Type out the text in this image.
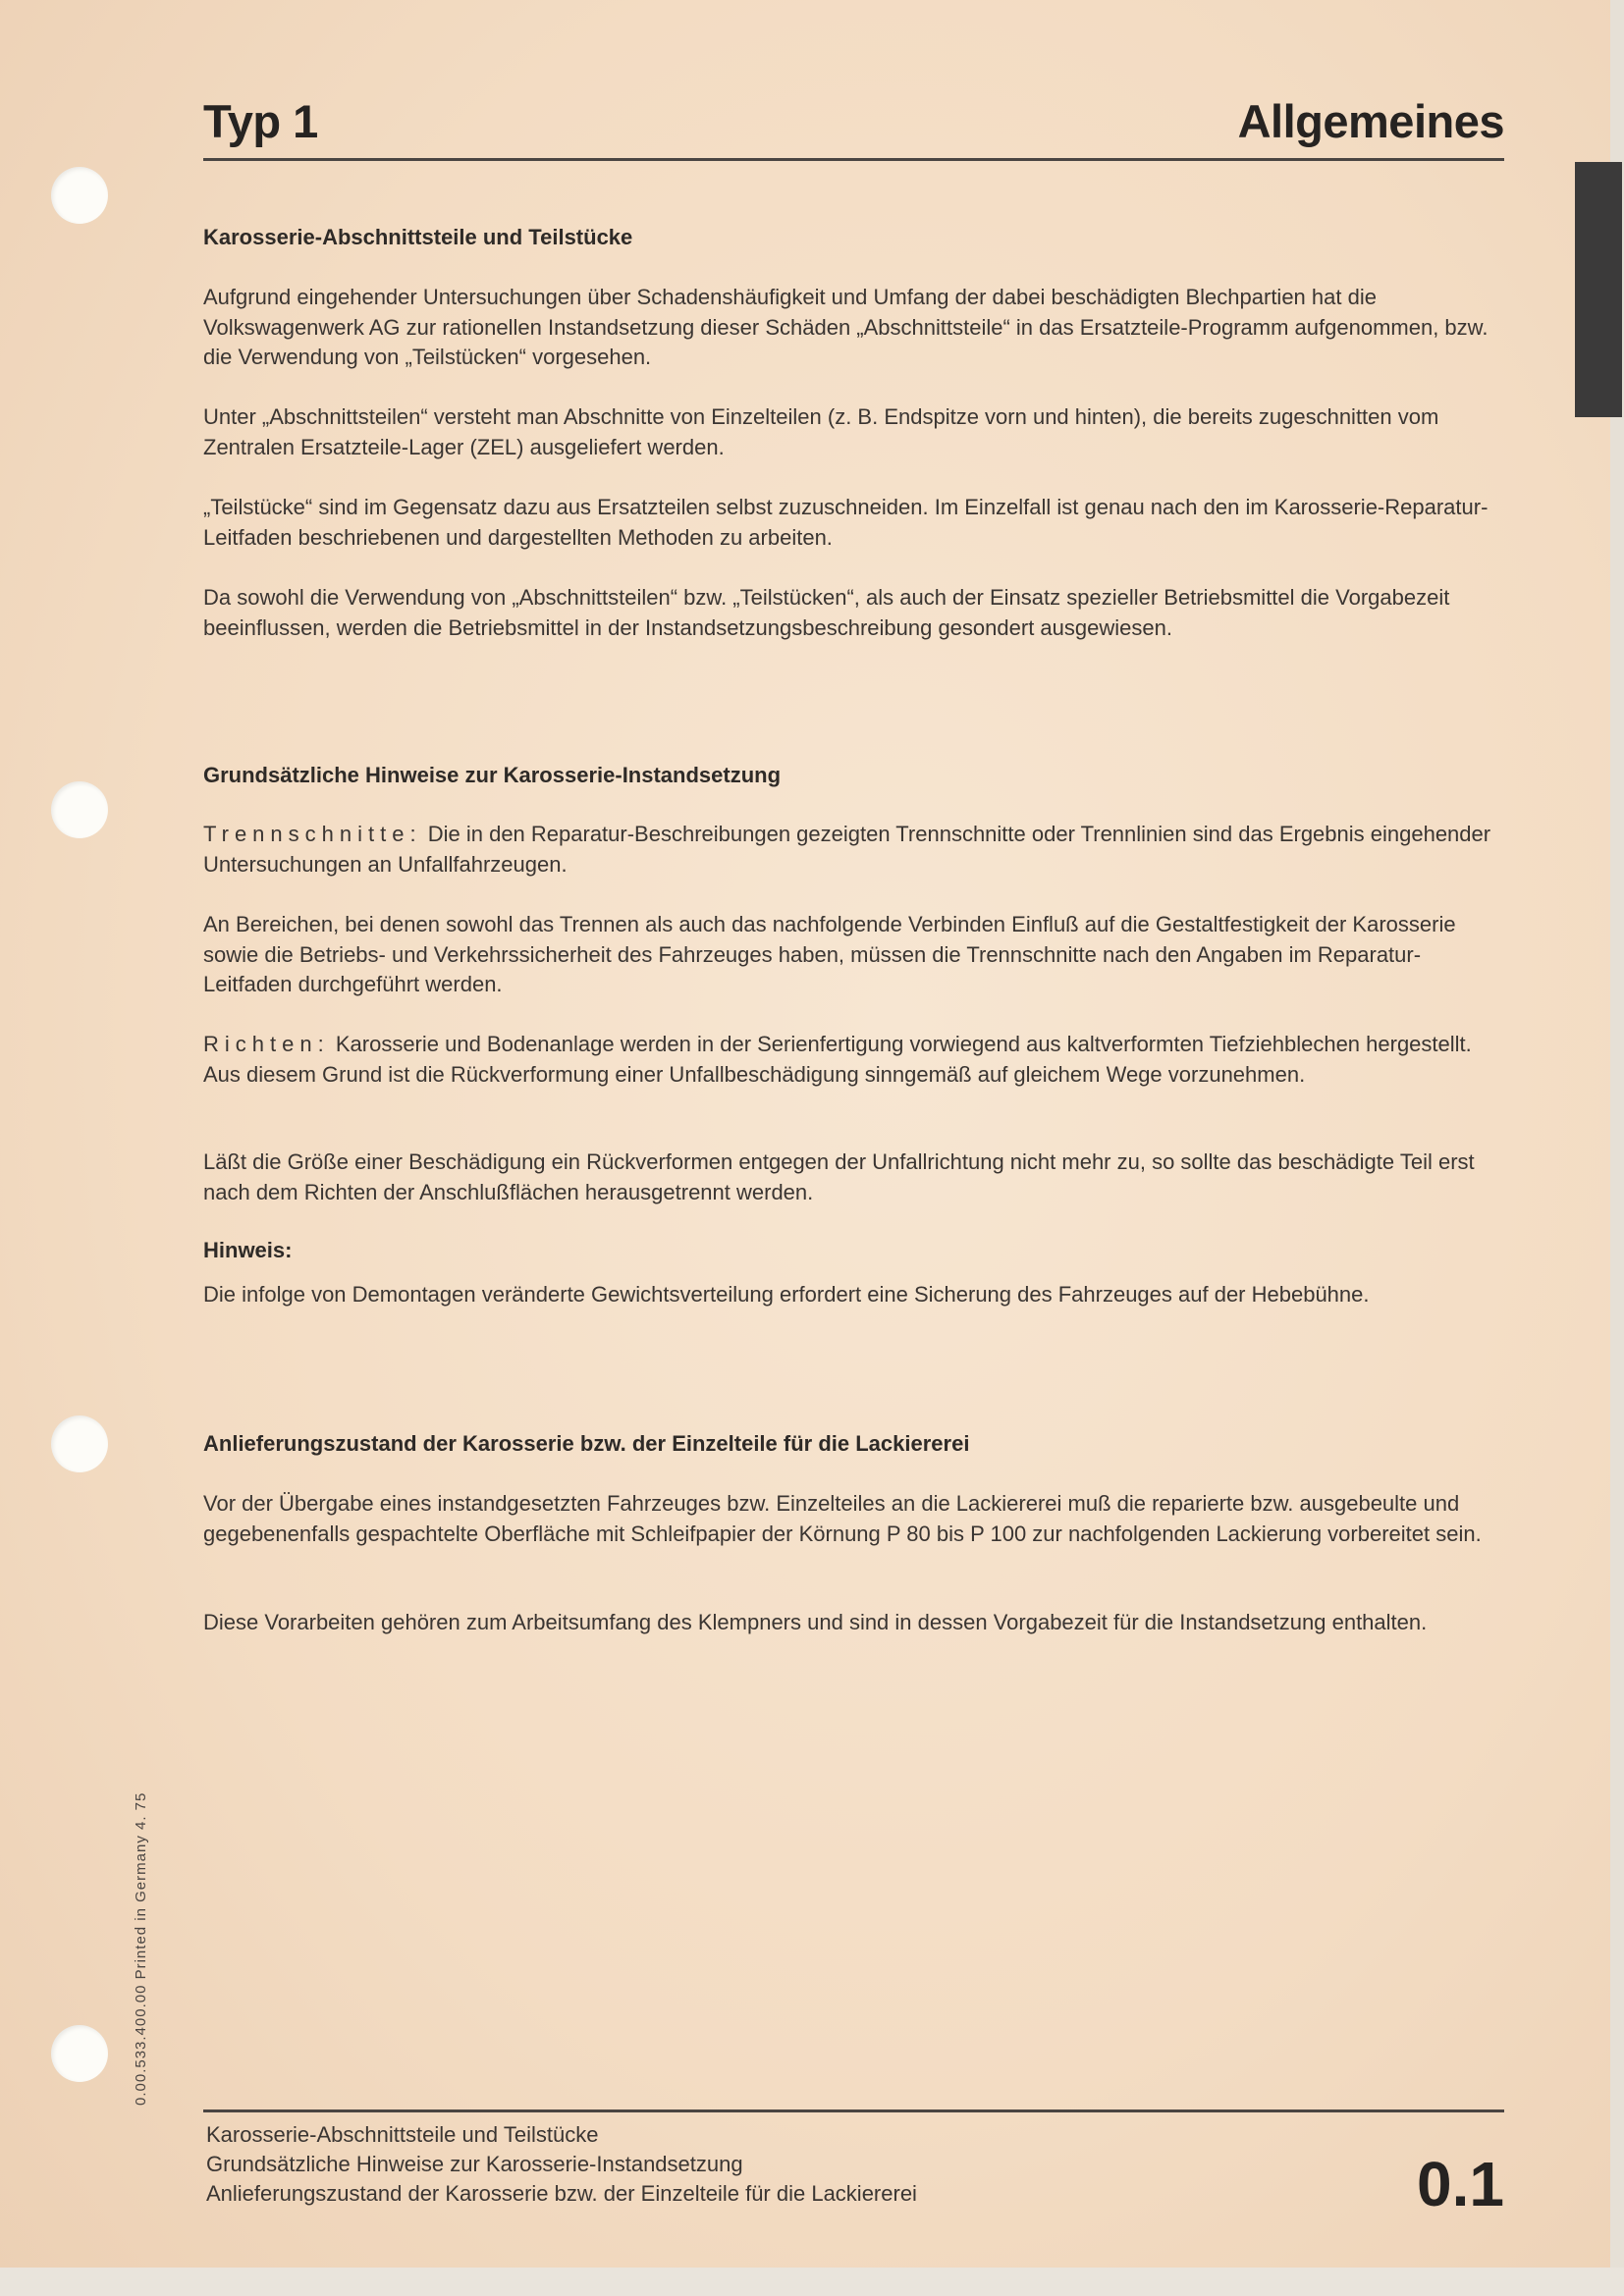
Typ 1	Allgemeines

Karosserie-Abschnittsteile und Teilstücke

Aufgrund eingehender Untersuchungen über Schadenshäufigkeit und Umfang der dabei beschädigten Blechpartien hat die Volkswagenwerk AG zur rationellen Instandsetzung dieser Schäden „Abschnittsteile“ in das Ersatzteile-Programm aufgenommen, bzw. die Verwendung von „Teilstücken“ vorgesehen.

Unter „Abschnittsteilen“ versteht man Abschnitte von Einzelteilen (z. B. Endspitze vorn und hinten), die bereits zugeschnitten vom Zentralen Ersatzteile-Lager (ZEL) ausgeliefert werden.

„Teilstücke“ sind im Gegensatz dazu aus Ersatzteilen selbst zuzuschneiden. Im Einzelfall ist genau nach den im Karosserie-Reparatur-Leitfaden beschriebenen und dargestellten Methoden zu arbeiten.

Da sowohl die Verwendung von „Abschnittsteilen“ bzw. „Teilstücken“, als auch der Einsatz spezieller Betriebsmittel die Vorgabezeit beeinflussen, werden die Betriebsmittel in der Instandsetzungsbeschreibung gesondert ausgewiesen.

Grundsätzliche Hinweise zur Karosserie-Instandsetzung

Trennschnitte: Die in den Reparatur-Beschreibungen gezeigten Trennschnitte oder Trennlinien sind das Ergebnis eingehender Untersuchungen an Unfallfahrzeugen.

An Bereichen, bei denen sowohl das Trennen als auch das nachfolgende Verbinden Einfluß auf die Gestaltfestigkeit der Karosserie sowie die Betriebs- und Verkehrssicherheit des Fahrzeuges haben, müssen die Trennschnitte nach den Angaben im Reparatur-Leitfaden durchgeführt werden.

Richten: Karosserie und Bodenanlage werden in der Serienfertigung vorwiegend aus kaltverformten Tiefziehblechen hergestellt. Aus diesem Grund ist die Rückverformung einer Unfallbeschädigung sinngemäß auf gleichem Wege vorzunehmen.

Läßt die Größe einer Beschädigung ein Rückverformen entgegen der Unfallrichtung nicht mehr zu, so sollte das beschädigte Teil erst nach dem Richten der Anschlußflächen herausgetrennt werden.

Hinweis:

Die infolge von Demontagen veränderte Gewichtsverteilung erfordert eine Sicherung des Fahrzeuges auf der Hebebühne.

Anlieferungszustand der Karosserie bzw. der Einzelteile für die Lackiererei

Vor der Übergabe eines instandgesetzten Fahrzeuges bzw. Einzelteiles an die Lackiererei muß die reparierte bzw. ausgebeulte und gegebenenfalls gespachtelte Oberfläche mit Schleifpapier der Körnung P 80 bis P 100 zur nachfolgenden Lackierung vorbereitet sein.

Diese Vorarbeiten gehören zum Arbeitsumfang des Klempners und sind in dessen Vorgabezeit für die Instandsetzung enthalten.

0.00.533.400.00 Printed in Germany 4. 75
Karosserie-Abschnittsteile und Teilstücke
Grundsätzliche Hinweise zur Karosserie-Instandsetzung
Anlieferungszustand der Karosserie bzw. der Einzelteile für die Lackiererei	0.1
